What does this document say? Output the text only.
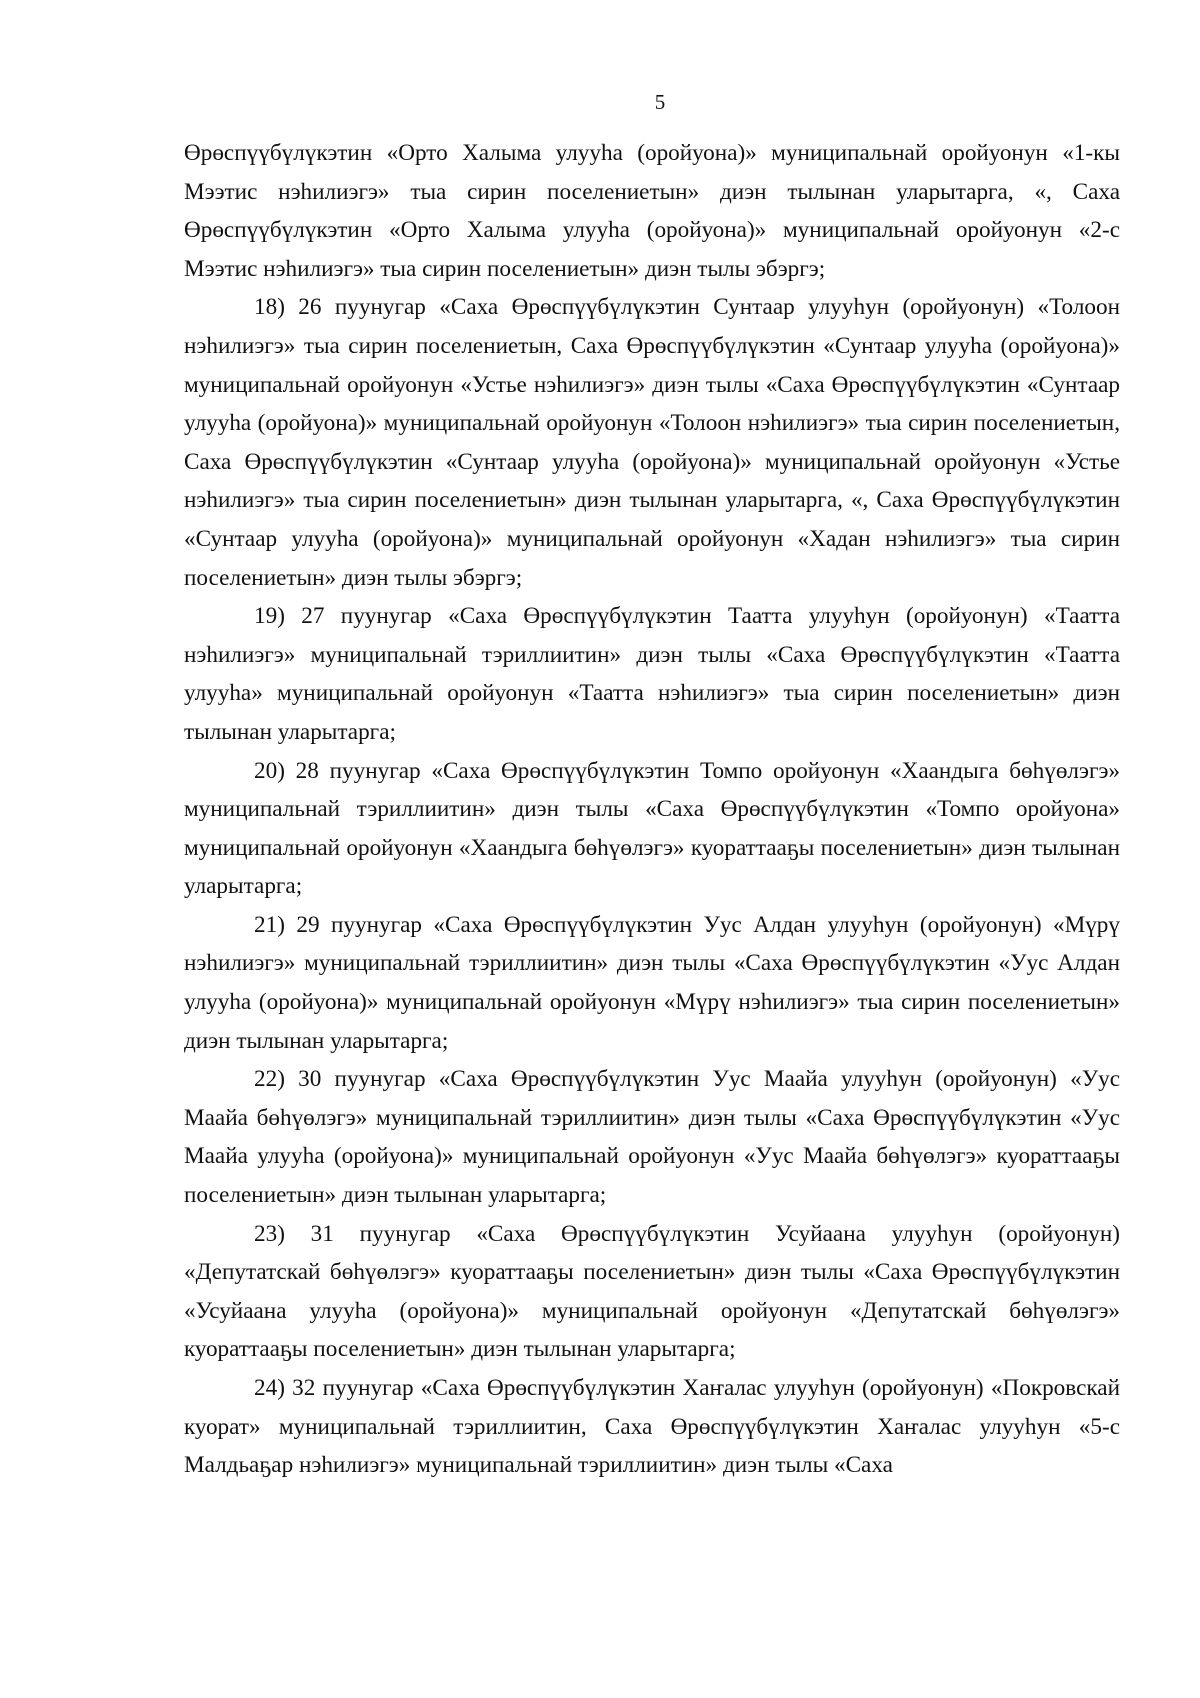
5

Өрөспүүбүлүкэтин «Орто Халыма улууһа (оройуона)» муниципальнай оройуонун «1-кы Мээтис нэһилиэгэ» тыа сирин поселениетын» диэн тылынан уларытарга, «, Саха Өрөспүүбүлүкэтин «Орто Халыма улууһа (оройуона)» муниципальнай оройуонун «2-с Мээтис нэһилиэгэ» тыа сирин поселениетын» диэн тылы эбэргэ;

18) 26 пуунугар «Саха Өрөспүүбүлүкэтин Сунтаар улууһун (оройуонун) «Толоон нэһилиэгэ» тыа сирин поселениетын, Саха Өрөспүүбүлүкэтин «Сунтаар улууһа (оройуона)» муниципальнай оройуонун «Устье нэһилиэгэ» диэн тылы «Саха Өрөспүүбүлүкэтин «Сунтаар улууһа (оройуона)» муниципальнай оройуонун «Толоон нэһилиэгэ» тыа сирин поселениетын, Саха Өрөспүүбүлүкэтин «Сунтаар улууһа (оройуона)» муниципальнай оройуонун «Устье нэһилиэгэ» тыа сирин поселениетын» диэн тылынан уларытарга, «, Саха Өрөспүүбүлүкэтин «Сунтаар улууһа (оройуона)» муниципальнай оройуонун «Хадан нэһилиэгэ» тыа сирин поселениетын» диэн тылы эбэргэ;

19) 27 пуунугар «Саха Өрөспүүбүлүкэтин Таатта улууһун (оройуонун) «Таатта нэһилиэгэ» муниципальнай тэриллиитин» диэн тылы «Саха Өрөспүүбүлүкэтин «Таатта улууһа» муниципальнай оройуонун «Таатта нэһилиэгэ» тыа сирин поселениетын» диэн тылынан уларытарга;

20) 28 пуунугар «Саха Өрөспүүбүлүкэтин Томпо оройуонун «Хаандыга бөһүөлэгэ» муниципальнай тэриллиитин» диэн тылы «Саха Өрөспүүбүлүкэтин «Томпо оройуона» муниципальнай оройуонун «Хаандыга бөһүөлэгэ» куораттааҕы поселениетын» диэн тылынан уларытарга;

21) 29 пуунугар «Саха Өрөспүүбүлүкэтин Уус Алдан улууһун (оройуонун) «Мүрү нэһилиэгэ» муниципальнай тэриллиитин» диэн тылы «Саха Өрөспүүбүлүкэтин «Уус Алдан улууһа (оройуона)» муниципальнай оройуонун «Мүрү нэһилиэгэ» тыа сирин поселениетын» диэн тылынан уларытарга;

22) 30 пуунугар «Саха Өрөспүүбүлүкэтин Уус Маайа улууһун (оройуонун) «Уус Маайа бөһүөлэгэ» муниципальнай тэриллиитин» диэн тылы «Саха Өрөспүүбүлүкэтин «Уус Маайа улууһа (оройуона)» муниципальнай оройуонун «Уус Маайа бөһүөлэгэ» куораттааҕы поселениетын» диэн тылынан уларытарга;

23) 31 пуунугар «Саха Өрөспүүбүлүкэтин Усуйаана улууһун (оройуонун) «Депутатскай бөһүөлэгэ» куораттааҕы поселениетын» диэн тылы «Саха Өрөспүүбүлүкэтин «Усуйаана улууһа (оройуона)» муниципальнай оройуонун «Депутатскай бөһүөлэгэ» куораттааҕы поселениетын» диэн тылынан уларытарга;

24) 32 пуунугар «Саха Өрөспүүбүлүкэтин Хаҥалас улууһун (оройуонун) «Покровскай куорат» муниципальнай тэриллиитин, Саха Өрөспүүбүлүкэтин Хаҥалас улууһун «5-с Малдьаҕар нэһилиэгэ» муниципальнай тэриллиитин» диэн тылы «Саха
